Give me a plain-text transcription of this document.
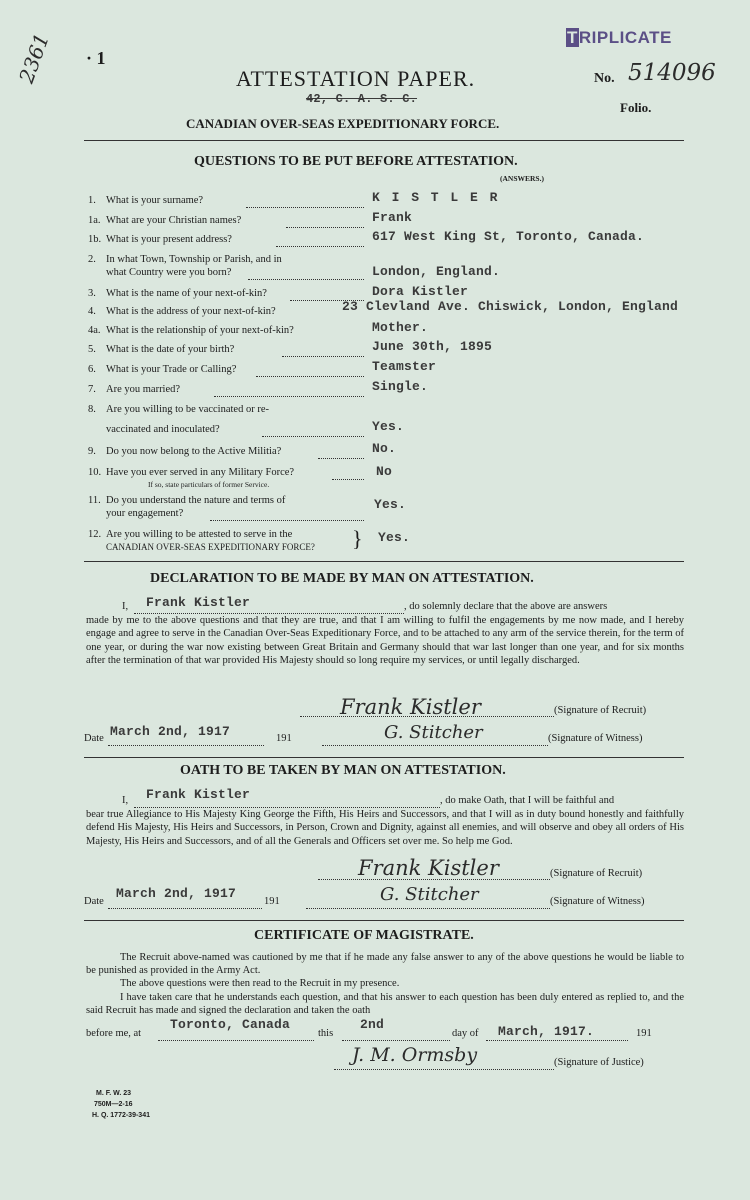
2361 · 1
TRIPLICATE
ATTESTATION PAPER.	No. 514096
42, C. A. S. C.
Folio.
CANADIAN OVER-SEAS EXPEDITIONARY FORCE.
QUESTIONS TO BE PUT BEFORE ATTESTATION.
(ANSWERS.)
1. What is your surname?	K I S T L E R
1a. What are your Christian names?	Frank
1b. What is your present address?	617 West King St, Toronto, Canada.
2. In what Town, Township or Parish, and in
what Country were you born?	London, England.
3. What is the name of your next-of-kin?	Dora Kistler
4. What is the address of your next-of-kin?	23 Clevland Ave. Chiswick, London, England
4a. What is the relationship of your next-of-kin?	Mother.
5. What is the date of your birth?	June 30th, 1895
6. What is your Trade or Calling?	Teamster
7. Are you married?	Single.
8. Are you willing to be vaccinated or re-
vaccinated and inoculated?	Yes.
9. Do you now belong to the Active Militia?	No.
10. Have you ever served in any Military Force?
If so, state particulars of former Service.
No
11. Do you understand the nature and terms of
your engagement?
Yes.
12. Are you willing to be attested to serve in the
CANADIAN OVER-SEAS EXPEDITIONARY FORCE? } Yes.
DECLARATION TO BE MADE BY MAN ON ATTESTATION.
I, Frank Kistler	, do solemnly declare that the above are answers
made by me to the above questions and that they are true, and that I am willing to fulfil the engagements by me now made, and I hereby engage and agree to serve in the Canadian Over-Seas Expeditionary Force, and to be attached to any arm of the service therein, for the term of one year, or during the war now existing between Great Britain and Germany should that war last longer than one year, and for six months after the termination of that war provided His Majesty should so long require my services, or until legally discharged.
Frank Kistler	(Signature of Recruit)
Date March 2nd, 1917	191	G. Stitcher	(Signature of Witness)
OATH TO BE TAKEN BY MAN ON ATTESTATION.
I, Frank Kistler	, do make Oath, that I will be faithful and
bear true Allegiance to His Majesty King George the Fifth, His Heirs and Successors, and that I will as in duty bound honestly and faithfully defend His Majesty, His Heirs and Successors, in Person, Crown and Dignity, against all enemies, and will observe and obey all orders of His Majesty, His Heirs and Successors, and of all the Generals and Officers set over me. So help me God.
Frank Kistler	(Signature of Recruit)
Date
March 2nd, 1917
191	G. Stitcher	(Signature of Witness)
CERTIFICATE OF MAGISTRATE.
The Recruit above-named was cautioned by me that if he made any false answer to any of the above questions he would be liable to be punished as provided in the Army Act.
The above questions were then read to the Recruit in my presence.
I have taken care that he understands each question, and that his answer to each question has been duly entered as replied to, and the said Recruit has made and signed the declaration and taken the oath
before me, at
Toronto, Canada
this
2nd
day of March, 1917.	191
J. M. Ormsby	(Signature of Justice)
M. F. W. 23
750M—2-16
H. Q. 1772-39-341
